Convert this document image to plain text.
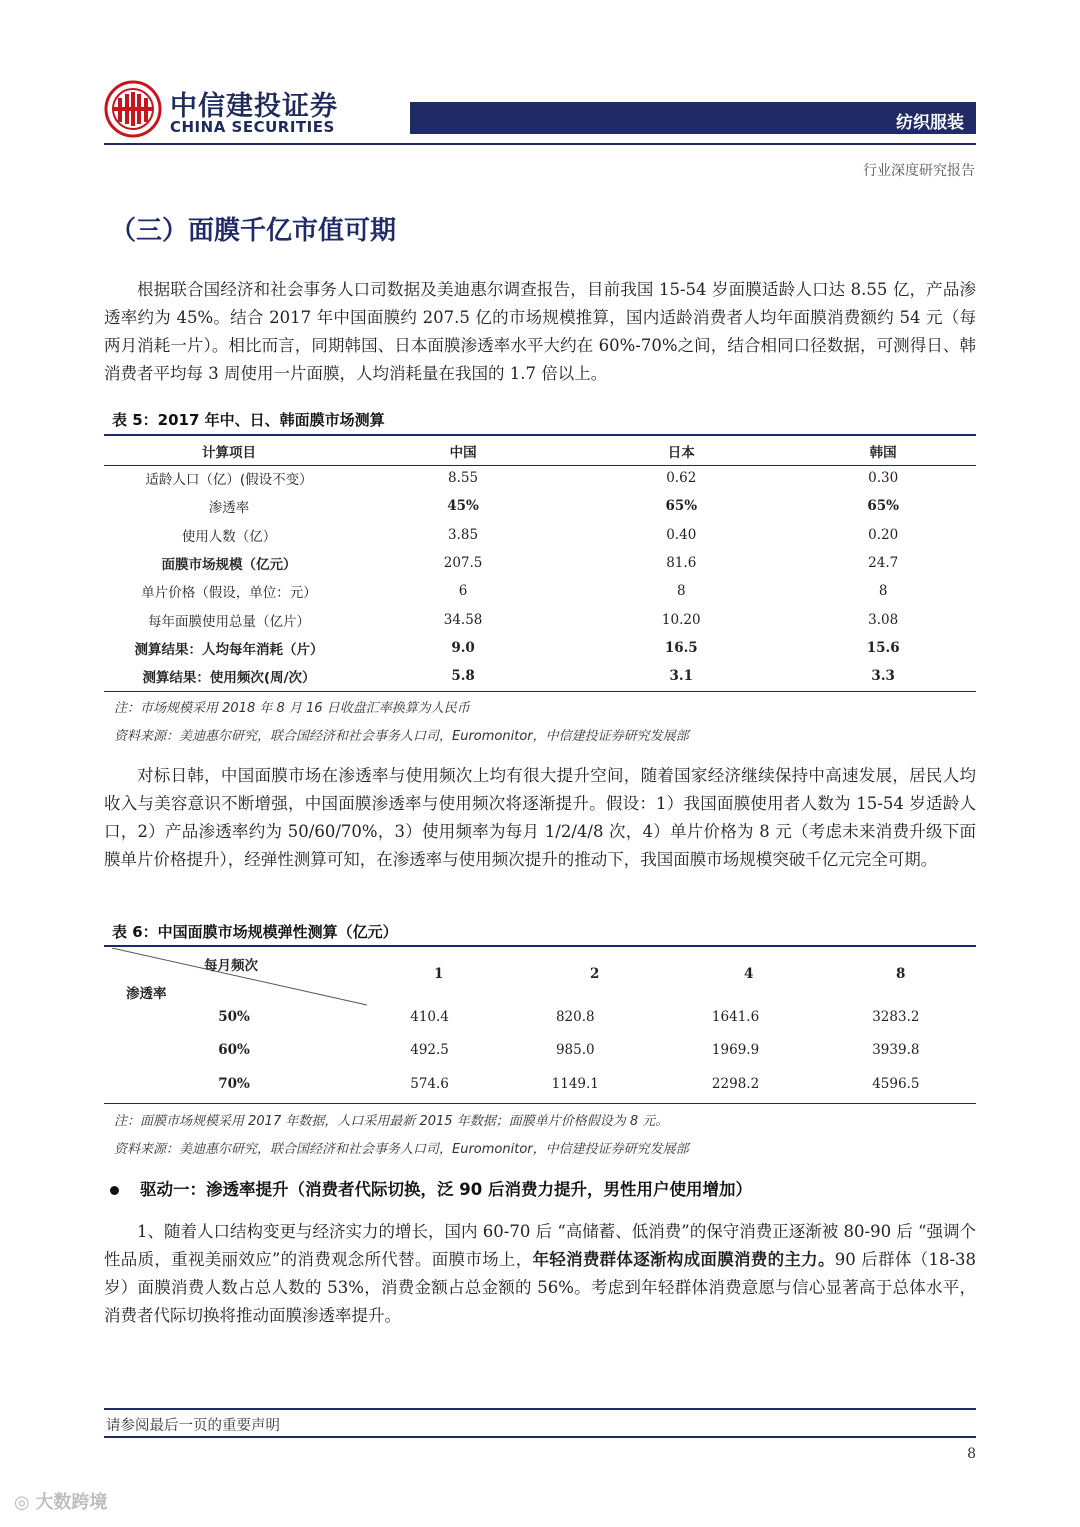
中信建投证券
CHINA SECURITIES	纺织服装
行业深度研究报告
（三）面膜千亿市值可期

根据联合国经济和社会事务人口司数据及美迪惠尔调查报告，目前我国 15-54 岁面膜适龄人口达 8.55 亿，产品渗透率约为 45%。结合 2017 年中国面膜约 207.5 亿的市场规模推算，国内适龄消费者人均年面膜消费额约 54 元（每两月消耗一片）。相比而言，同期韩国、日本面膜渗透率水平大约在 60%-70%之间，结合相同口径数据，可测得日、韩消费者平均每 3 周使用一片面膜，人均消耗量在我国的 1.7 倍以上。

表 5：2017 年中、日、韩面膜市场测算
计算项目	中国	日本	韩国
适龄人口（亿）(假设不变）	8.55	0.62	0.30
渗透率	45%	65%	65%
使用人数（亿）	3.85	0.40	0.20
面膜市场规模（亿元）	207.5	81.6	24.7
单片价格（假设，单位：元）	6	8	8
每年面膜使用总量（亿片）	34.58	10.20	3.08
测算结果：人均每年消耗（片）	9.0	16.5	15.6
测算结果：使用频次(周/次）	5.8	3.1	3.3
注：市场规模采用 2018 年 8 月 16 日收盘汇率换算为人民币
资料来源：美迪惠尔研究，联合国经济和社会事务人口司，Euromonitor，中信建投证券研究发展部

对标日韩，中国面膜市场在渗透率与使用频次上均有很大提升空间，随着国家经济继续保持中高速发展，居民人均收入与美容意识不断增强，中国面膜渗透率与使用频次将逐渐提升。假设：1）我国面膜使用者人数为 15-54 岁适龄人口，2）产品渗透率约为 50/60/70%，3）使用频率为每月 1/2/4/8 次，4）单片价格为 8 元（考虑未来消费升级下面膜单片价格提升），经弹性测算可知，在渗透率与使用频次提升的推动下，我国面膜市场规模突破千亿元完全可期。

表 6：中国面膜市场规模弹性测算（亿元）
每月频次
渗透率
1	2	4	8
50%	410.4	820.8	1641.6	3283.2
60%	492.5	985.0	1969.9	3939.8
70%	574.6	1149.1	2298.2	4596.5
注：面膜市场规模采用 2017 年数据，人口采用最新 2015 年数据；面膜单片价格假设为 8 元。
资料来源：美迪惠尔研究，联合国经济和社会事务人口司，Euromonitor，中信建投证券研究发展部
驱动一：渗透率提升（消费者代际切换，泛 90 后消费力提升，男性用户使用增加）

1、随着人口结构变更与经济实力的增长，国内 60-70 后 “高储蓄、低消费”的保守消费正逐渐被 80-90 后 “强调个性品质，重视美丽效应”的消费观念所代替。面膜市场上，年轻消费群体逐渐构成面膜消费的主力。90 后群体（18-38 岁）面膜消费人数占总人数的 53%，消费金额占总金额的 56%。考虑到年轻群体消费意愿与信心显著高于总体水平，消费者代际切换将推动面膜渗透率提升。

请参阅最后一页的重要声明
8
◎ 大数跨境
